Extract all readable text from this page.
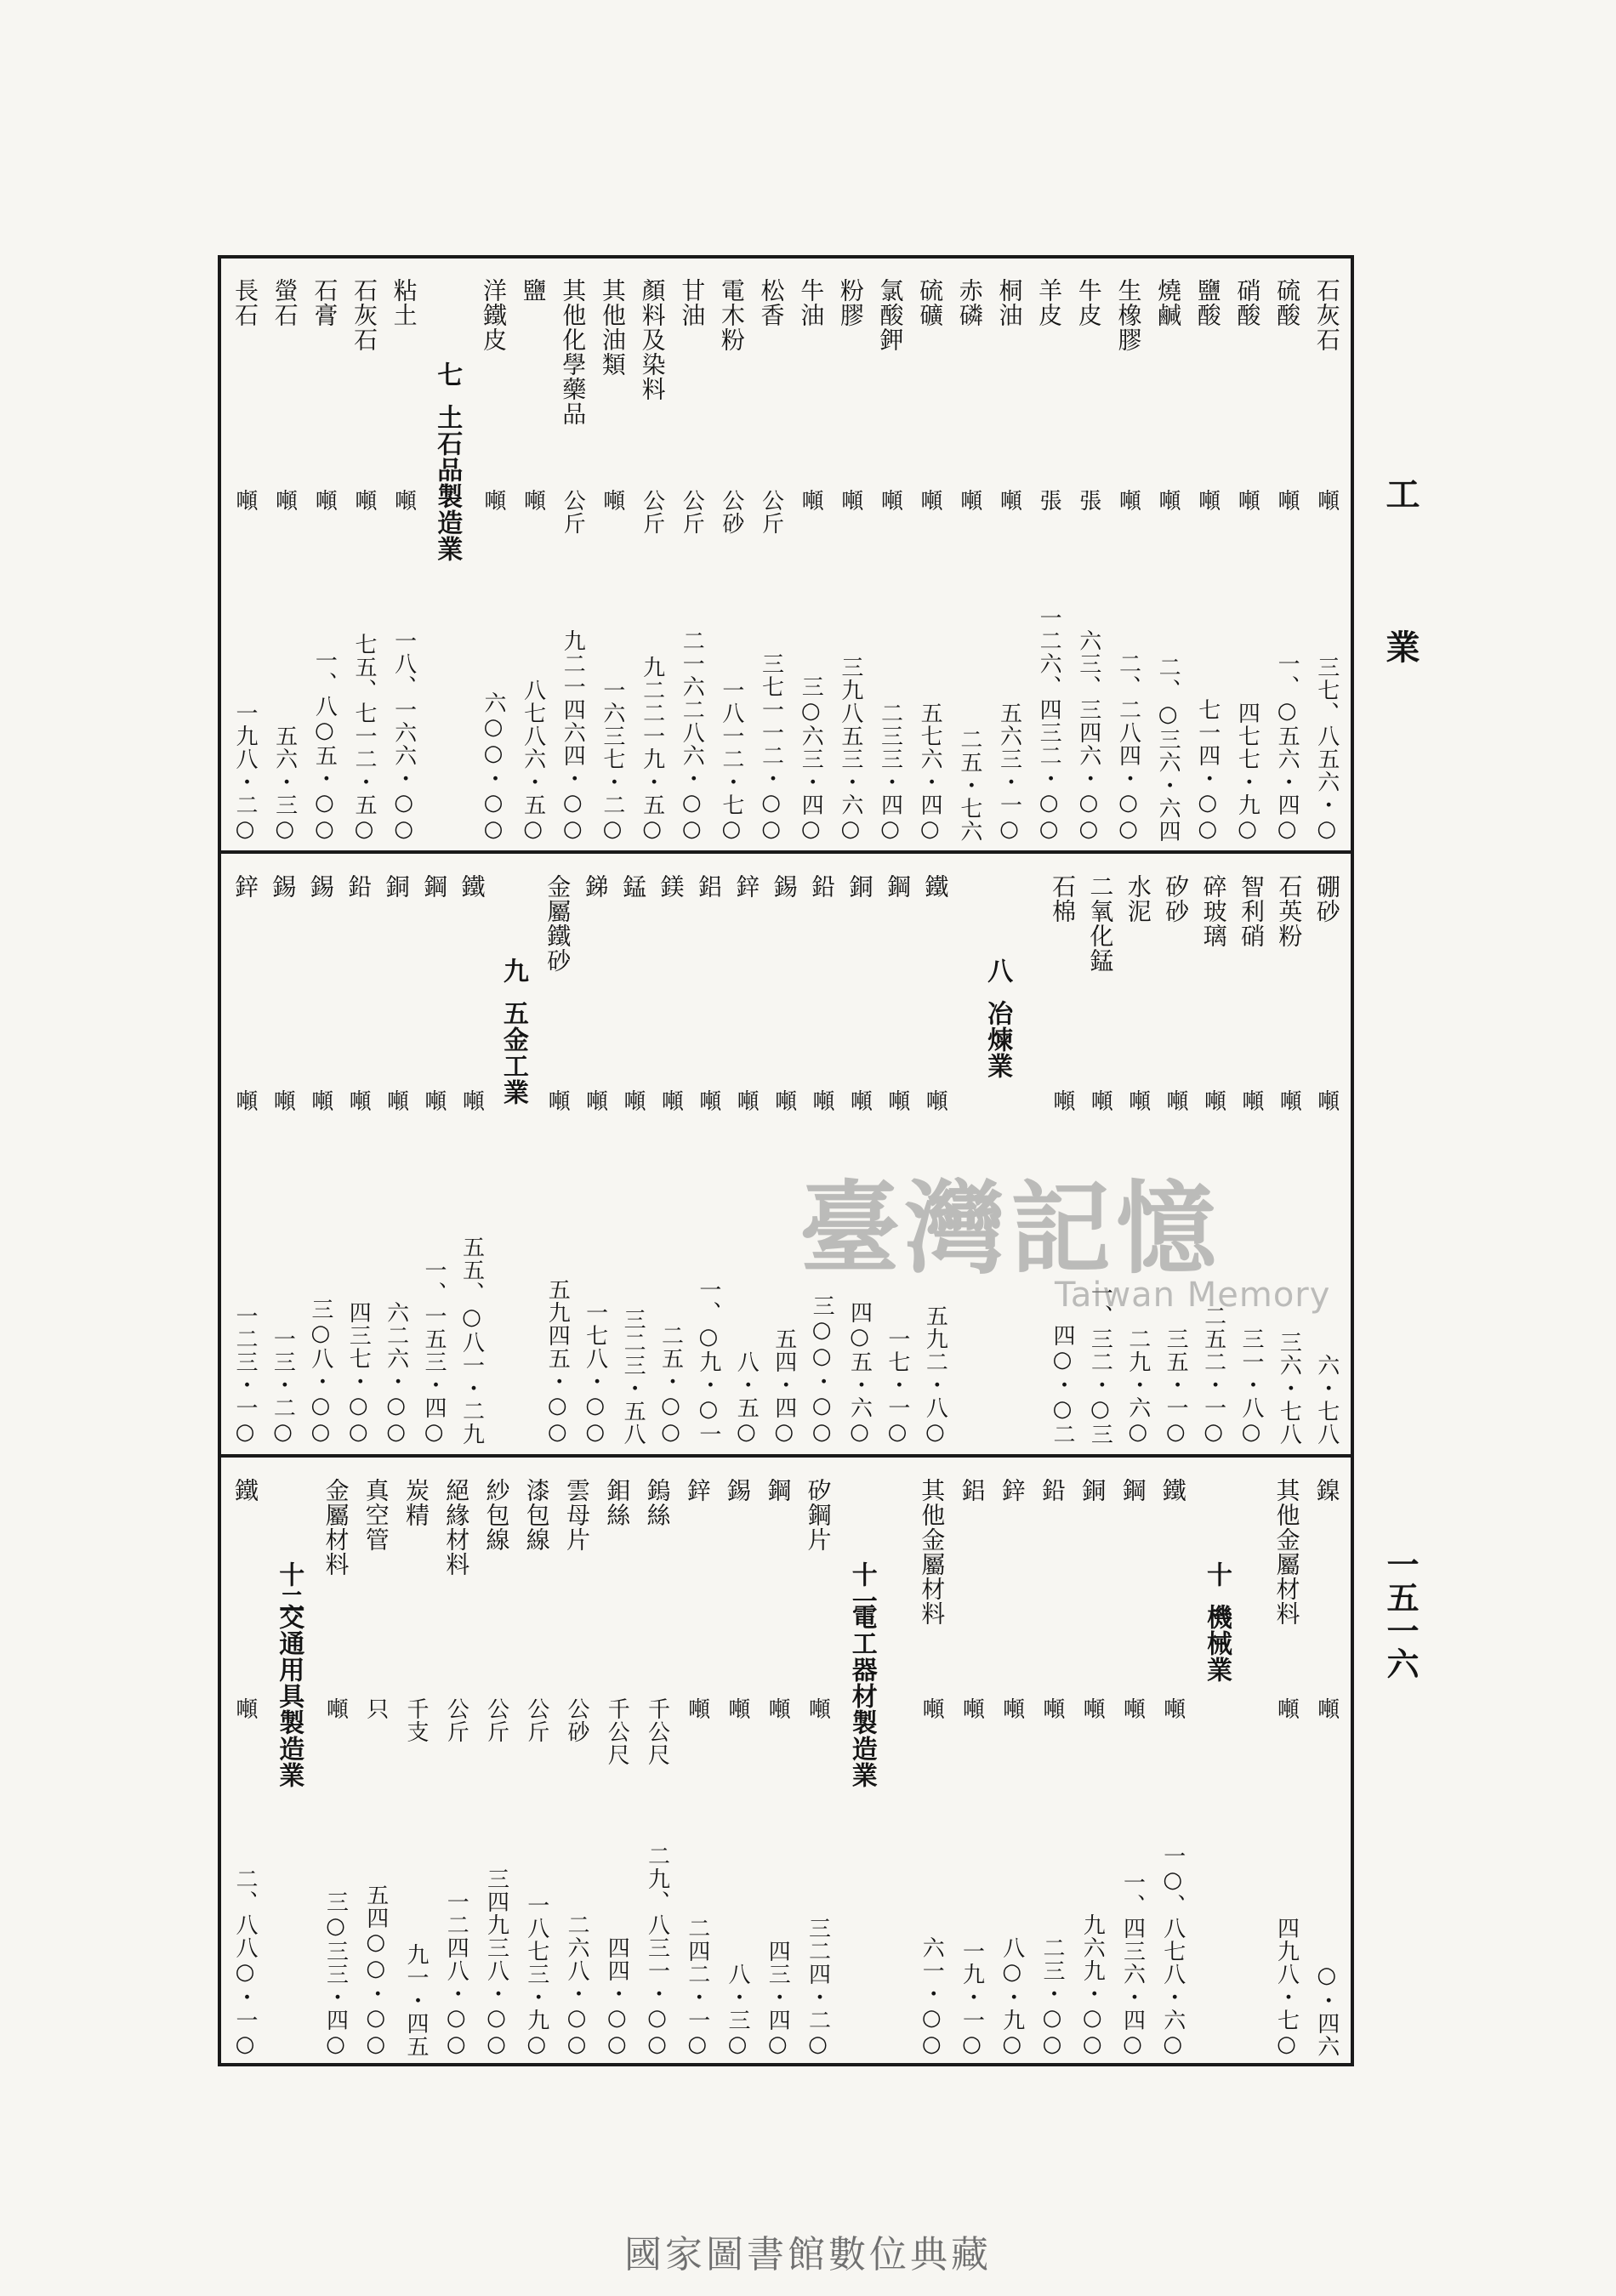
石灰石
噸
三七、八五六・○
硫酸
噸
一、○五六・四○
硝酸
噸
四七七・九○
鹽酸
噸
七一四・○○
燒鹹
噸
二、○三六・六四
生橡膠
噸
二、二八四・○○
牛皮
張
六三、三四六・○○
羊皮
張
一二六、四三二・○○
桐油
噸
五六三・一○
赤磷
噸
二五・七六
硫礦
噸
五七六・四○
氯酸鉀
噸
二三三・四○
粉膠
噸
三九八五三・六○
牛油
噸
三○六三・四○
松香
公斤
三七一一二・○○
電木粉
公砂
一八一二・七○
甘油
公斤
二一六二八六・○○
顏料及染料
公斤
九二二一九・五○
其他油類
噸
一六三七・二○
其他化學藥品
公斤
九二一四六四・○○
鹽
噸
八七八六・五○
洋鐵皮
噸
六○○・○○
七
土石品製造業
粘土
噸
一八、一六六・○○
石灰石
噸
七五、七一二・五○
石膏
噸
一、八○五・○○
螢石
噸
五六・三○
長石
噸
一九八・二○
硼砂
噸
六・七八
石英粉
噸
三六・七八
智利硝
噸
三一・八○
碎玻璃
噸
二五二・一○
矽砂
噸
三五・一○
水泥
噸
二九・六○
二氧化錳
噸
一、三二・○三
石棉
噸
四○・○二
八
冶煉業
鐵
噸
五九二・八○
鋼
噸
一七・一○
銅
噸
四○五・六○
鉛
噸
三○○・○○
錫
噸
五四・四○
鋅
噸
八・五○
鋁
噸
一、○九・○一
鎂
噸
二五・○○
錳
噸
三二三・五八
銻
噸
一七八・○○
金屬鐵砂
噸
五九四五・○○
九
五金工業
鐵
噸
五五、○八一・二九
鋼
噸
一、一五三・四○
銅
噸
六二六・○○
鉛
噸
四三七・○○
錫
噸
三○八・○○
錫
噸
一三・二○
鋅
噸
一二三・一○
鎳
噸
○・四六
其他金屬材料
噸
四九八・七○
十
機械業
鐵
噸
一○、八七八・六○
鋼
噸
一、四三六・四○
銅
噸
九六九・○○
鉛
噸
二三・○○
鋅
噸
八○・九○
鋁
噸
一九・一○
其他金屬材料
噸
六一・○○
十一
電工器材製造業
矽鋼片
噸
三二四・二○
鋼
噸
四三・四○
錫
噸
八・三○
鋅
噸
二四二・一○
鎢絲
千公尺
二九、八三一・○○
鉬絲
千公尺
四四・○○
雲母片
公砂
二六八・○○
漆包線
公斤
一八七三・九○
紗包線
公斤
三四九三八・○○
絕緣材料
公斤
一二四八・○○
炭精
千支
九一・四五
真空管
只
五四○○・○○
金屬材料
噸
三○三三・四○
十二
交通用具製造業
鐵
噸
二、八八○・一○
工
業
一五一六
臺灣記憶
Taiwan Memory
國家圖書館數位典藏
